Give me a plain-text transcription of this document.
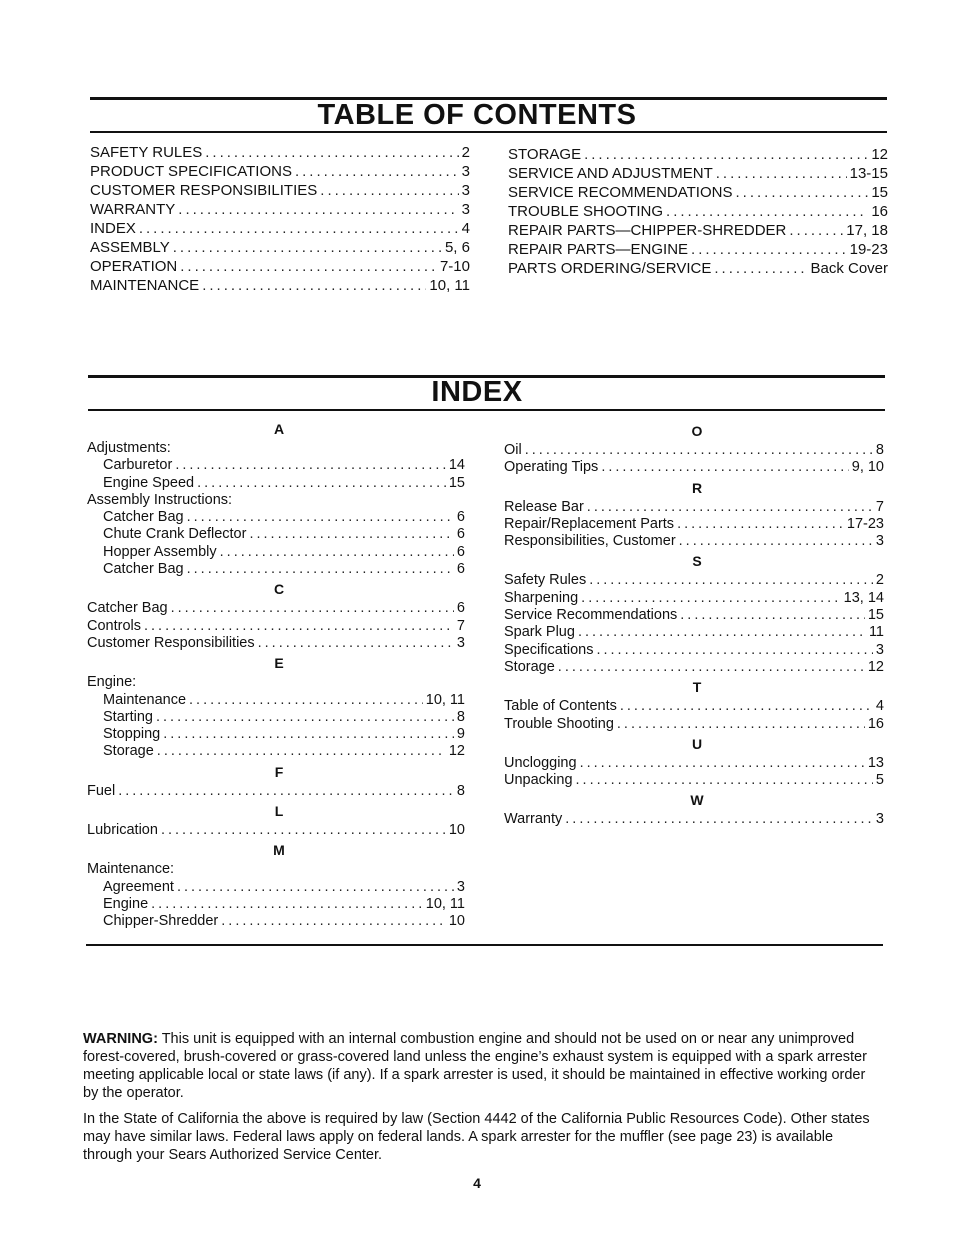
TABLE OF CONTENTS
SAFETY RULES .....	2
PRODUCT SPECIFICATIONS .....	3
CUSTOMER RESPONSIBILITIES .....	3
WARRANTY .....	3
INDEX .....	4
ASSEMBLY .....	5, 6
OPERATION .....	7-10
MAINTENANCE .....	10, 11
STORAGE .....	12
SERVICE AND ADJUSTMENT .....	13-15
SERVICE RECOMMENDATIONS .....	15
TROUBLE SHOOTING .....	16
REPAIR PARTS—CHIPPER-SHREDDER .....	17, 18
REPAIR PARTS—ENGINE .....	19-23
PARTS ORDERING/SERVICE .....	Back Cover
INDEX
A
Adjustments:
Carburetor .....	14
Engine Speed .....	15
Assembly Instructions:
Catcher Bag .....	6
Chute Crank Deflector .....	6
Hopper Assembly .....	6
Catcher Bag .....	6
C
Catcher Bag .....	6
Controls .....	7
Customer Responsibilities .....	3
E
Engine:
Maintenance .....	10, 11
Starting .....	8
Stopping .....	9
Storage .....	12
F
Fuel .....	8
L
Lubrication .....	10
M
Maintenance:
Agreement .....	3
Engine .....	10, 11
Chipper-Shredder .....	10
O
Oil .....	8
Operating Tips .....	9, 10
R
Release Bar .....	7
Repair/Replacement Parts .....	17-23
Responsibilities, Customer .....	3
S
Safety Rules .....	2
Sharpening .....	13, 14
Service Recommendations .....	15
Spark Plug .....	11
Specifications .....	3
Storage .....	12
T
Table of Contents .....	4
Trouble Shooting .....	16
U
Unclogging .....	13
Unpacking .....	5
W
Warranty .....	3

WARNING: This unit is equipped with an internal combustion engine and should not be used on or near any unimproved forest-covered, brush-covered or grass-covered land unless the engine’s exhaust system is equipped with a spark arrester meeting applicable local or state laws (if any). If a spark arrester is used, it should be maintained in effective working order by the operator.

In the State of California the above is required by law (Section 4442 of the California Public Resources Code). Other states may have similar laws. Federal laws apply on federal lands. A spark arrester for the muffler (see page 23) is available through your Sears Authorized Service Center.

4
